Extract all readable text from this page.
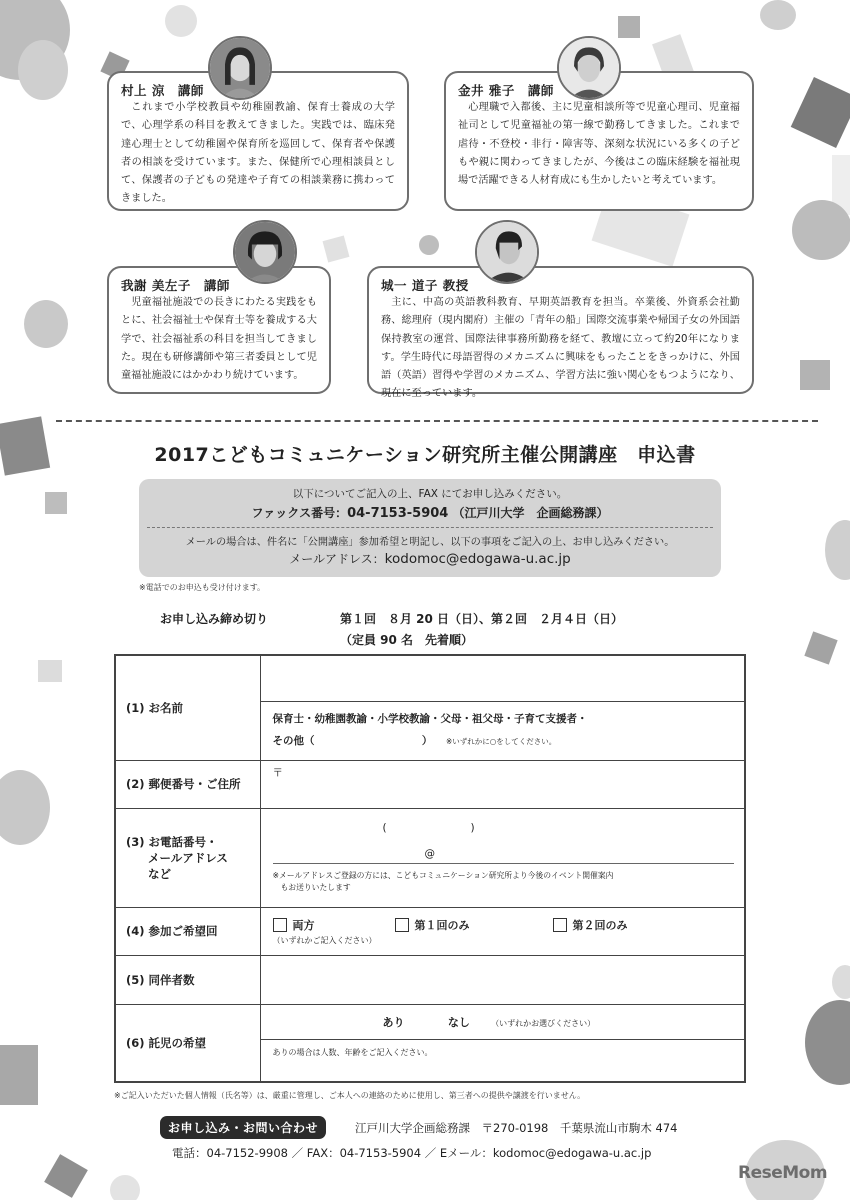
村上 涼　講師
これまで小学校教員や幼稚園教諭、保育士養成の大学で、心理学系の科目を教えてきました。実践では、臨床発達心理士として幼稚園や保育所を巡回して、保育者や保護者の相談を受けています。また、保健所で心理相談員として、保護者の子どもの発達や子育ての相談業務に携わってきました。
金井 雅子　講師
心理職で入都後、主に児童相談所等で児童心理司、児童福祉司として児童福祉の第一線で勤務してきました。これまで虐待・不登校・非行・障害等、深刻な状況にいる多くの子どもや親に関わってきましたが、今後はこの臨床経験を福祉現場で活躍できる人材育成にも生かしたいと考えています。
我謝 美左子　講師
児童福祉施設での長きにわたる実践をもとに、社会福祉士や保育士等を養成する大学で、社会福祉系の科目を担当してきました。現在も研修講師や第三者委員として児童福祉施設にはかかわり続けています。
城一 道子 教授
主に、中高の英語教科教育、早期英語教育を担当。卒業後、外資系会社勤務、総理府（現内閣府）主催の「青年の船」国際交流事業や帰国子女の外国語保持教室の運営、国際法律事務所勤務を経て、教壇に立って約20年になります。学生時代に母語習得のメカニズムに興味をもったことをきっかけに、外国語（英語）習得や学習のメカニズム、学習方法に強い関心をもつようになり、現在に至っています。
2017こどもコミュニケーション研究所主催公開講座　申込書
以下についてご記入の上、FAX にてお申し込みください。
ファックス番号：04-7153-5904 （江戸川大学　企画総務課）
メールの場合は、件名に「公開講座」参加希望と明記し、以下の事項をご記入の上、お申し込みください。
メールアドレス：kodomoc@edogawa-u.ac.jp
※電話でのお申込も受け付けます。
お申し込み締め切り	第１回　８月 20 日（日）、第２回　２月４日（日）
（定員 90 名　先着順）
(1) お名前	

	保育士・幼稚園教諭・小学校教諭・父母・祖父母・子育て支援者・
その他（ ） ※いずれかに○をしてください。

(2) 郵便番号・ご住所	〒

(3) お電話番号・
メールアドレス
など

(	)
@
※メールアドレスご登録の方には、こどもコミュニケーション研究所より今後のイベント開催案内
もお送りいたします

(4) 参加ご希望回	両方 第１回のみ 第２回のみ
（いずれかご記入ください）

(5) 同伴者数	
(6) 託児の希望	あり なし （いずれかお選びください）
	ありの場合は人数、年齢をご記入ください。
※ご記入いただいた個人情報（氏名等）は、厳重に管理し、ご本人への連絡のために使用し、第三者への提供や譲渡を行いません。
お申し込み・お問い合わせ	江戸川大学企画総務課　〒270-0198　千葉県流山市駒木 474
電話：04-7152-9908 ／ FAX：04-7153-5904 ／ Eメール：kodomoc@edogawa-u.ac.jp
ReseMom
